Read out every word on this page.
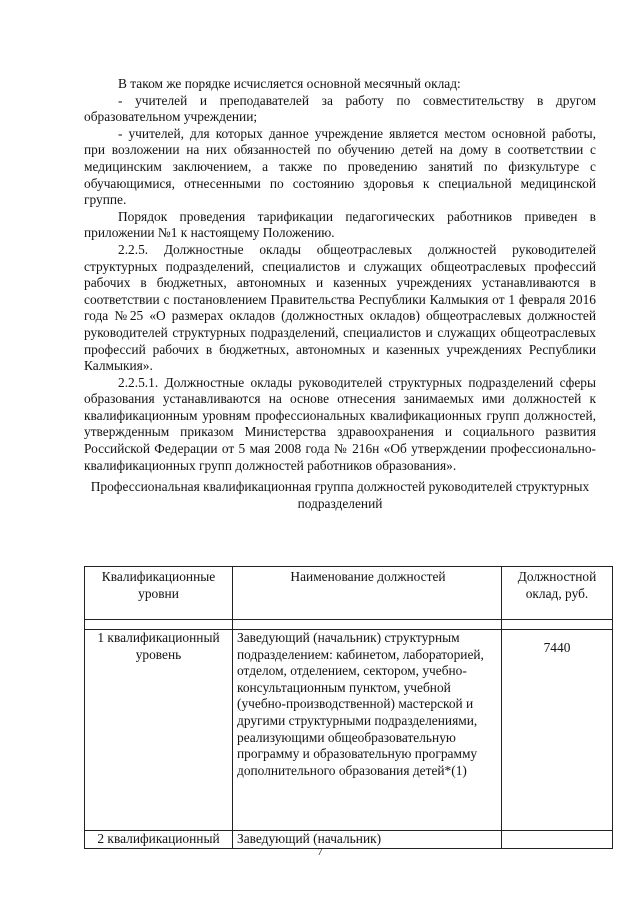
В таком же порядке исчисляется основной месячный оклад:

- учителей и преподавателей за работу по совместительству в другом образовательном учреждении;

- учителей, для которых данное учреждение является местом основной работы, при возложении на них обязанностей по обучению детей на дому в соответствии с медицинским заключением, а также по проведению занятий по физкультуре с обучающимися, отнесенными по состоянию здоровья к специальной медицинской группе.

Порядок проведения тарификации педагогических работников приведен в приложении №1 к настоящему Положению.

2.2.5. Должностные оклады общеотраслевых должностей руководителей структурных подразделений, специалистов и служащих общеотраслевых профессий рабочих в бюджетных, автономных и казенных учреждениях устанавливаются в соответствии с постановлением Правительства Республики Калмыкия от 1 февраля 2016 года №25 «О размерах окладов (должностных окладов) общеотраслевых должностей руководителей структурных подразделений, специалистов и служащих общеотраслевых профессий рабочих в бюджетных, автономных и казенных учреждениях Республики Калмыкия».

2.2.5.1. Должностные оклады руководителей структурных подразделений сферы образования устанавливаются на основе отнесения занимаемых ими должностей к квалификационным уровням профессиональных квалификационных групп должностей, утвержденным приказом Министерства здравоохранения и социального развития Российской Федерации от 5 мая 2008 года № 216н «Об утверждении профессионально-квалификационных групп должностей работников образования».

Профессиональная квалификационная группа должностей руководителей структурных подразделений

Квалификационные уровни	Наименование должностей	Должностной оклад, руб.

1 квалификационный уровень	Заведующий (начальник) структурным подразделением: кабинетом, лабораторией, отделом, отделением, сектором, учебно-консультационным пунктом, учебной (учебно-производственной) мастерской и другими структурными подразделениями, реализующими общеобразовательную программу и образовательную программу дополнительного образования детей*(1)	7440

2 квалификационный	Заведующий (начальник)	
7
